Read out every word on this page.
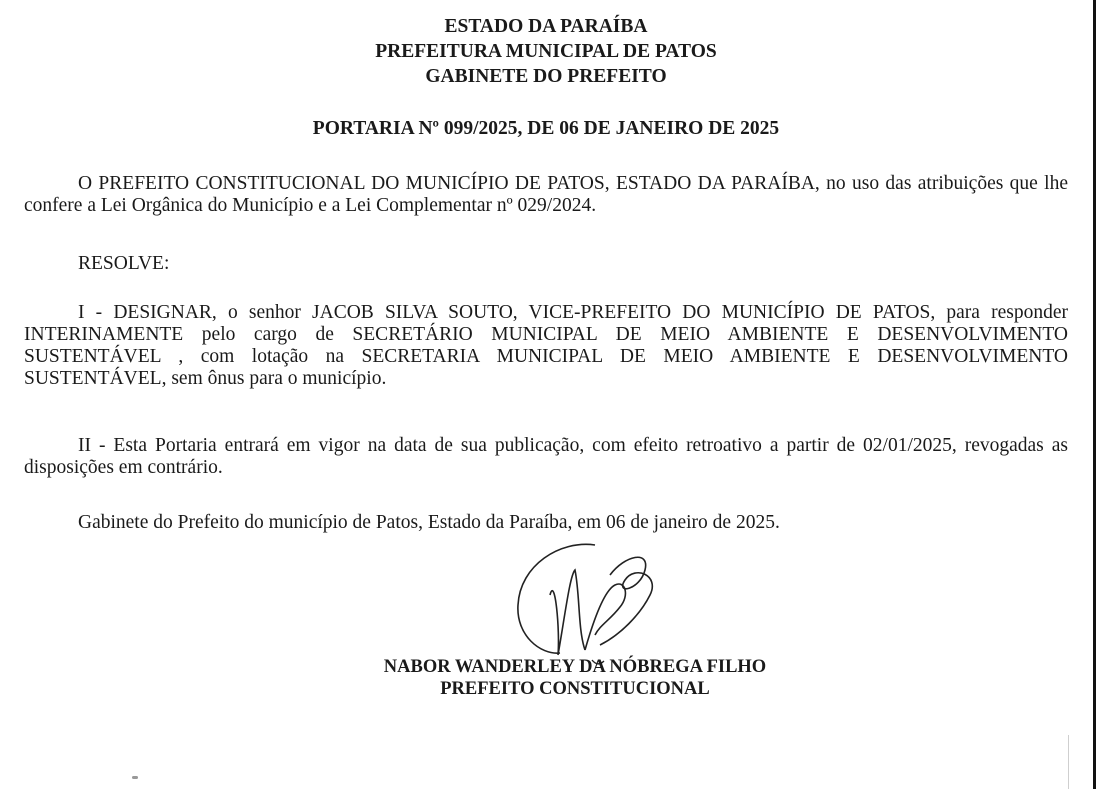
ESTADO DA PARAÍBA
PREFEITURA MUNICIPAL DE PATOS
GABINETE DO PREFEITO
PORTARIA Nº 099/2025, DE 06 DE JANEIRO DE 2025
O PREFEITO CONSTITUCIONAL DO MUNICÍPIO DE PATOS, ESTADO DA PARAÍBA, no uso das atribuições que lhe confere a Lei Orgânica do Município e a Lei Complementar nº 029/2024.
RESOLVE:
I - DESIGNAR, o senhor JACOB SILVA SOUTO, VICE-PREFEITO DO MUNICÍPIO DE PATOS, para responder INTERINAMENTE pelo cargo de SECRETÁRIO MUNICIPAL DE MEIO AMBIENTE E DESENVOLVIMENTO SUSTENTÁVEL , com lotação na SECRETARIA MUNICIPAL DE MEIO AMBIENTE E DESENVOLVIMENTO SUSTENTÁVEL, sem ônus para o município.
II - Esta Portaria entrará em vigor na data de sua publicação, com efeito retroativo a partir de 02/01/2025, revogadas as disposições em contrário.
Gabinete do Prefeito do município de Patos, Estado da Paraíba, em 06 de janeiro de 2025.
NABOR WANDERLEY DA NÓBREGA FILHO
PREFEITO CONSTITUCIONAL
